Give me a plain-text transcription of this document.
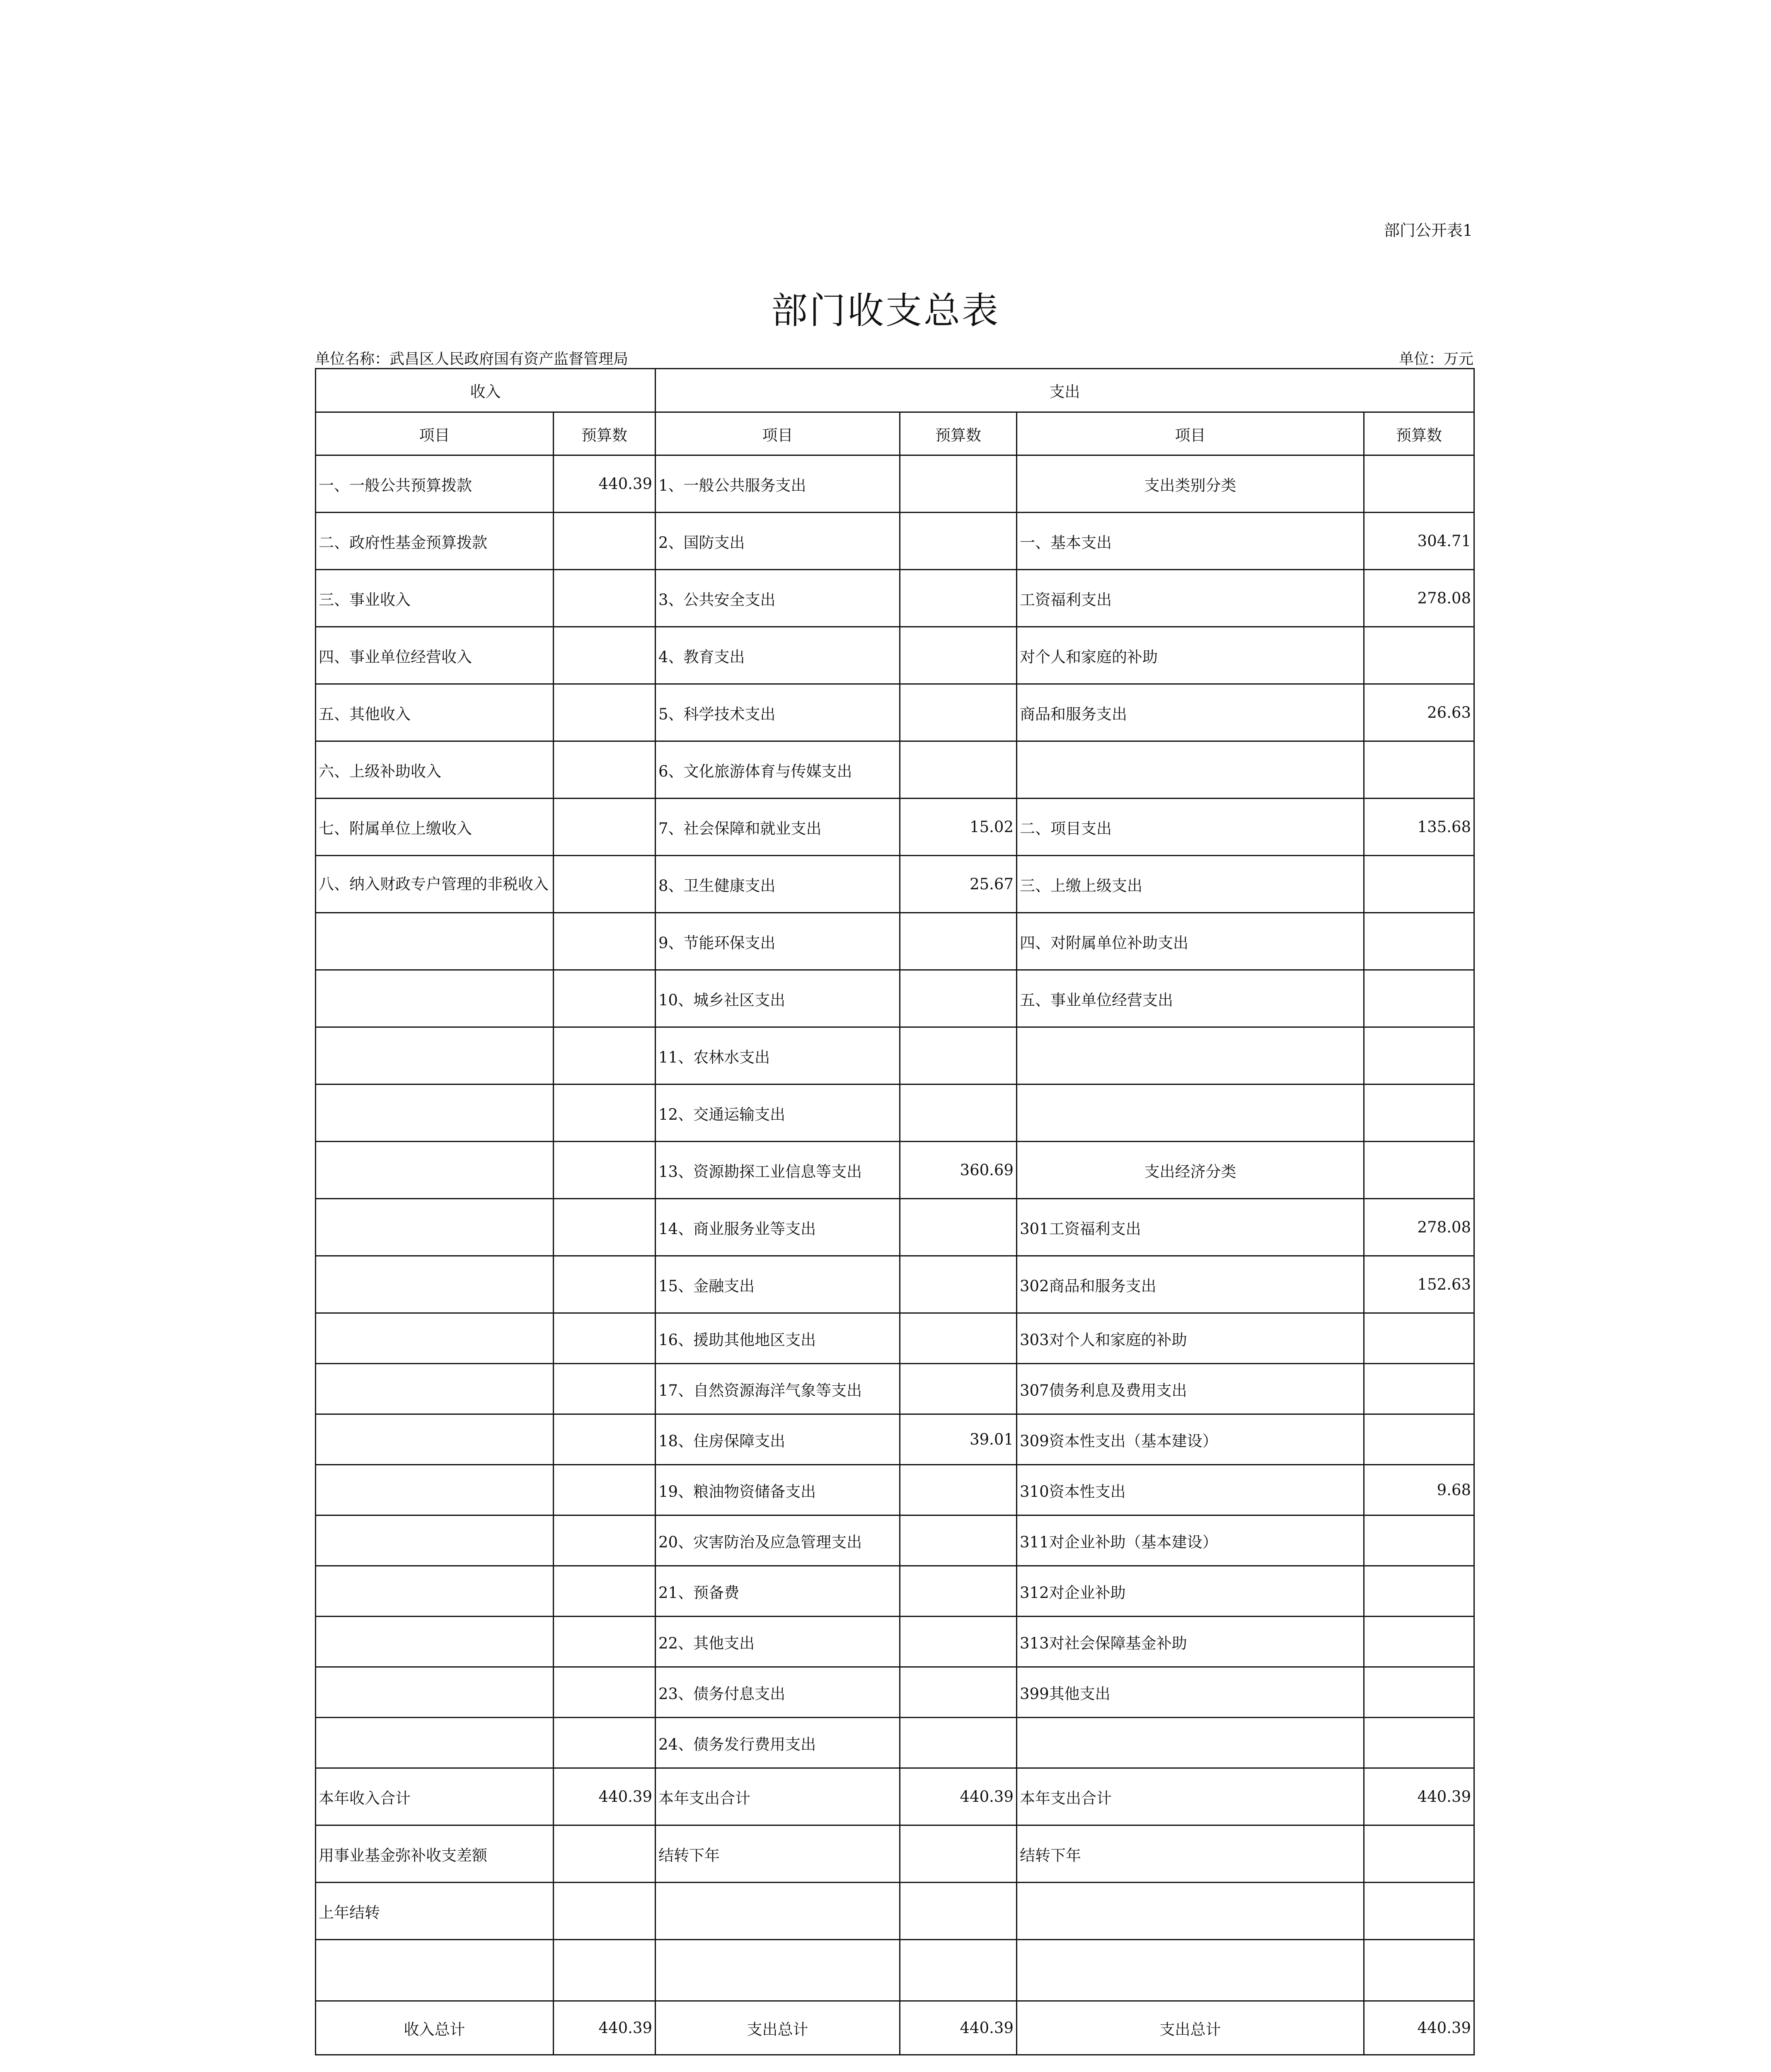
部门公开表1
部门收支总表
单位名称：武昌区人民政府国有资产监督管理局	单位：万元
收入		支出			
项目	预算数	项目	预算数	项目	预算数
一、一般公共预算拨款	440.39	1、一般公共服务支出		支出类别分类	
二、政府性基金预算拨款		2、国防支出		一、基本支出	304.71
三、事业收入		3、公共安全支出		工资福利支出	278.08
四、事业单位经营收入		4、教育支出		对个人和家庭的补助	
五、其他收入		5、科学技术支出		商品和服务支出	26.63
六、上级补助收入		6、文化旅游体育与传媒支出			
七、附属单位上缴收入		7、社会保障和就业支出	15.02	二、项目支出	135.68
八、纳入财政专户管理的非税收入		8、卫生健康支出	25.67	三、上缴上级支出	
		9、节能环保支出		四、对附属单位补助支出	
		10、城乡社区支出		五、事业单位经营支出	
		11、农林水支出			
		12、交通运输支出			
		13、资源勘探工业信息等支出	360.69	支出经济分类	
		14、商业服务业等支出		301工资福利支出	278.08
		15、金融支出		302商品和服务支出	152.63
		16、援助其他地区支出		303对个人和家庭的补助	
		17、自然资源海洋气象等支出		307债务利息及费用支出	
		18、住房保障支出	39.01	309资本性支出（基本建设）	
		19、粮油物资储备支出		310资本性支出	9.68
		20、灾害防治及应急管理支出		311对企业补助（基本建设）	
		21、预备费		312对企业补助	
		22、其他支出		313对社会保障基金补助	
		23、债务付息支出		399其他支出	
		24、债务发行费用支出			
本年收入合计	440.39	本年支出合计	440.39	本年支出合计	440.39
用事业基金弥补收支差额		结转下年		结转下年	
上年结转					

收入总计	440.39	支出总计	440.39	支出总计	440.39
